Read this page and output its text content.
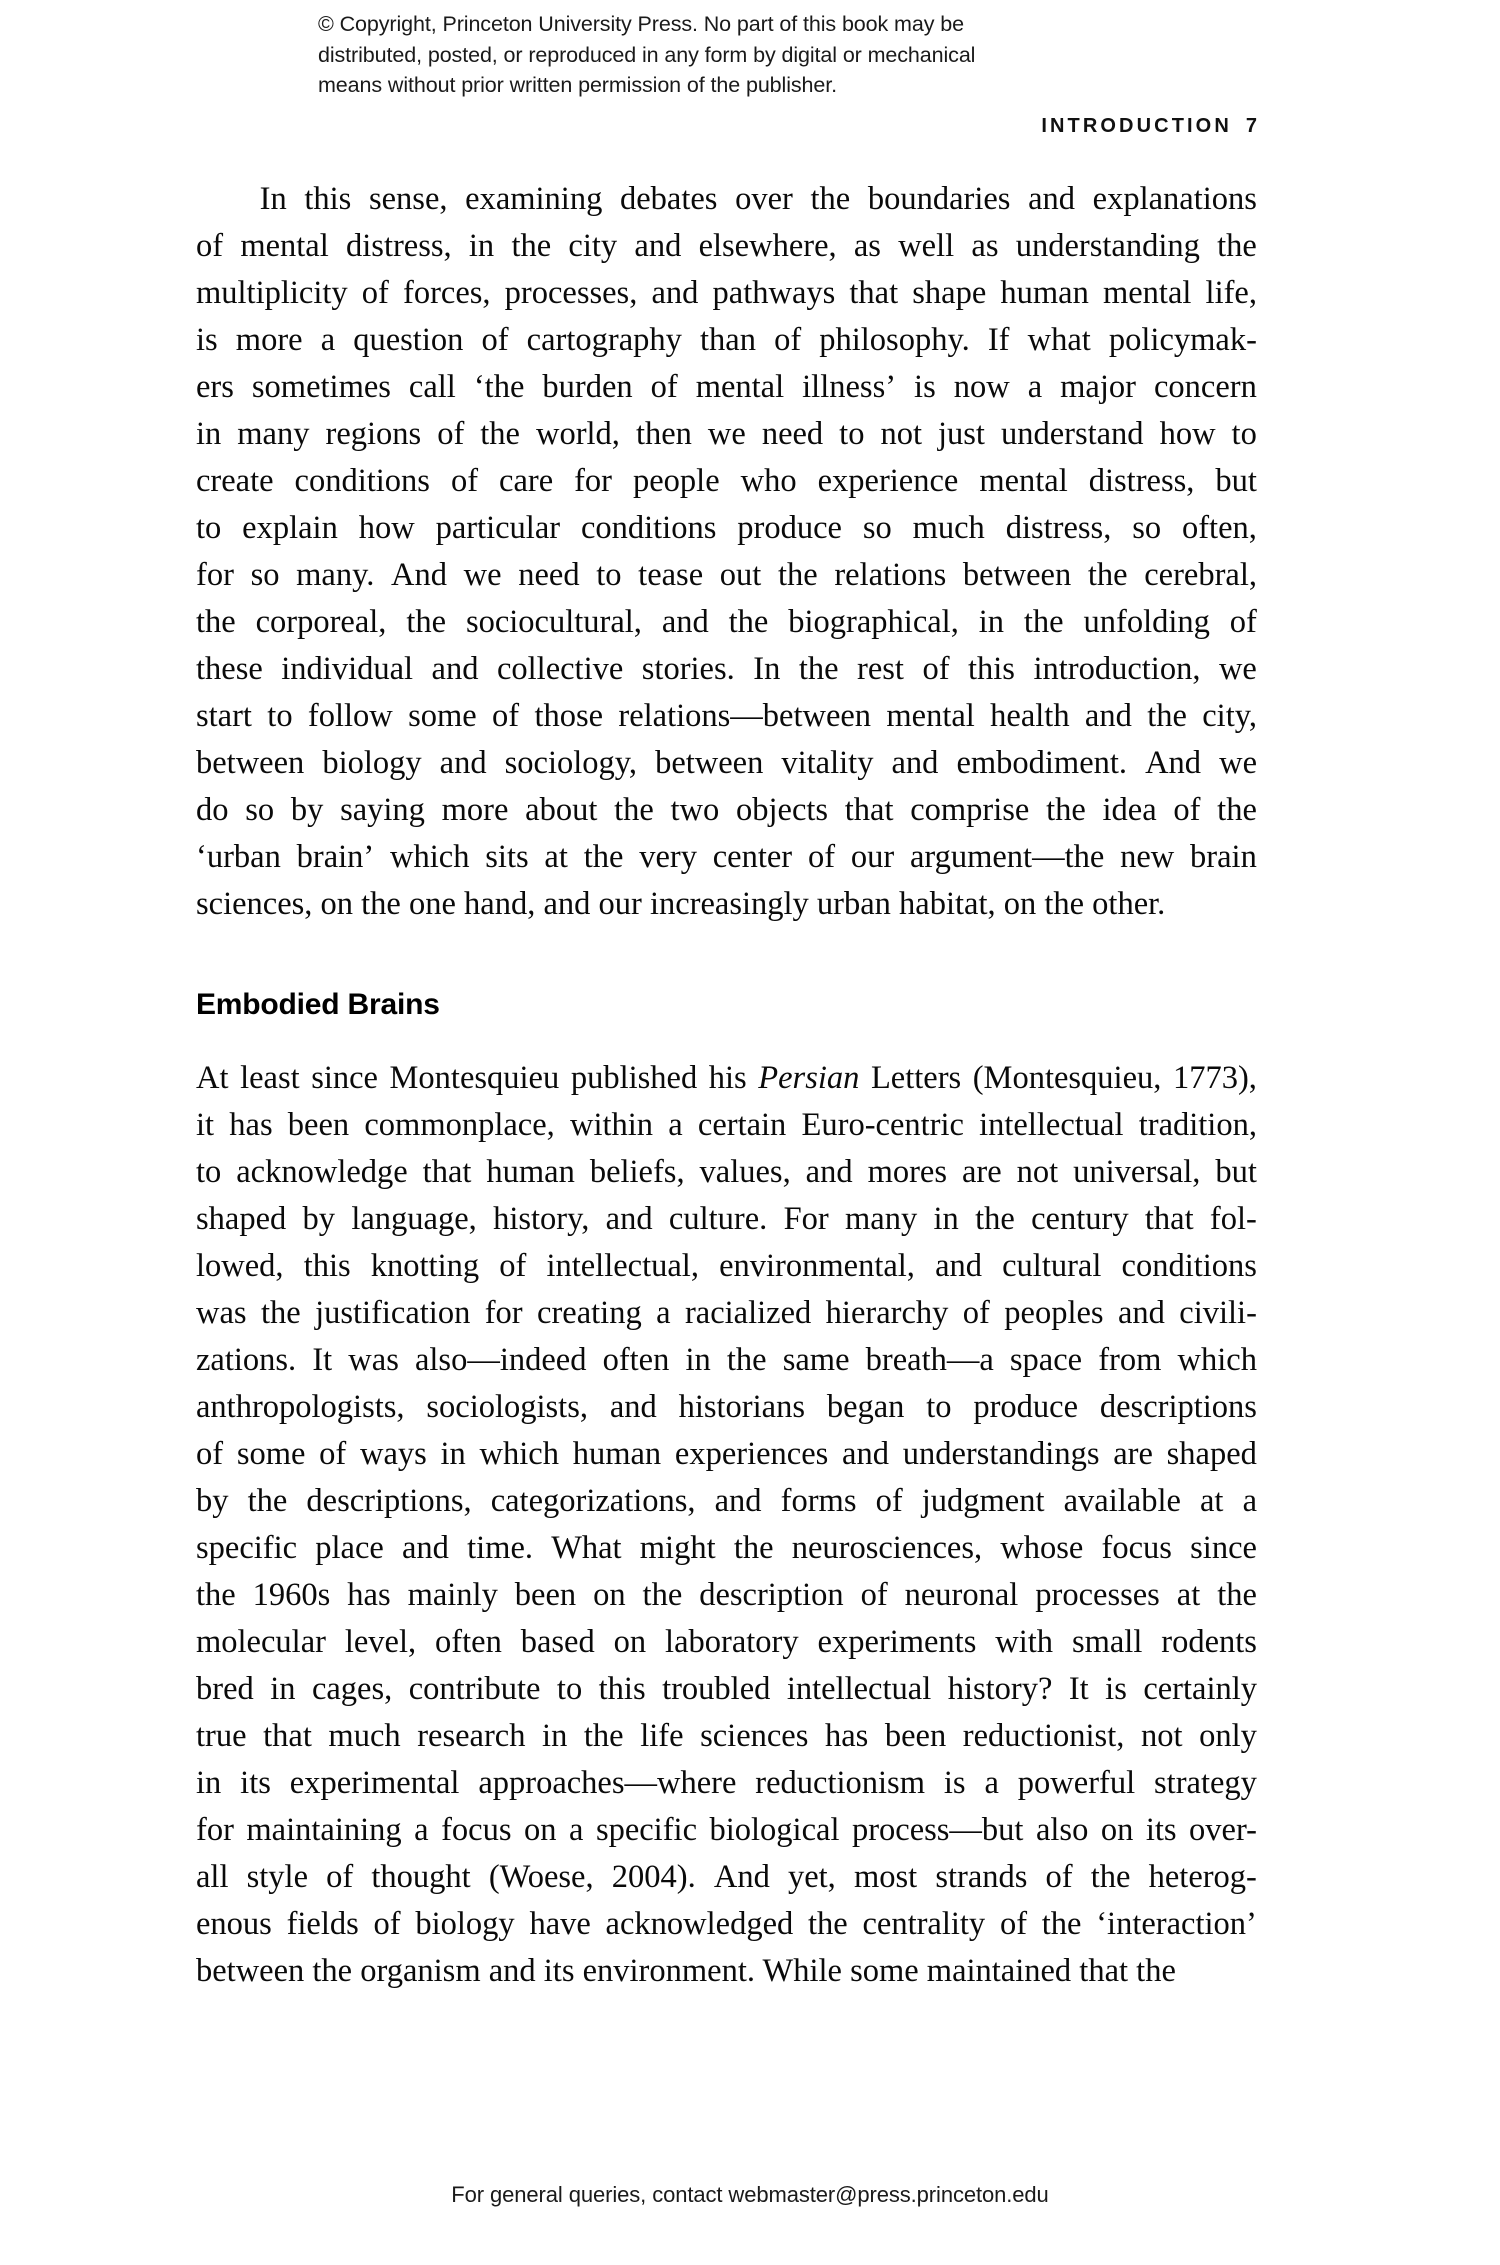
© Copyright, Princeton University Press. No part of this book may be
distributed, posted, or reproduced in any form by digital or mechanical
means without prior written permission of the publisher.
INTRODUCTION 7
In this sense, examining debates over the boundaries and explanations
of mental distress, in the city and elsewhere, as well as understanding the
multiplicity of forces, processes, and pathways that shape human mental life,
is more a question of cartography than of philosophy. If what policymak-
ers sometimes call ‘the burden of mental illness’ is now a major concern
in many regions of the world, then we need to not just understand how to
create conditions of care for people who experience mental distress, but
to explain how particular conditions produce so much distress, so often,
for so many. And we need to tease out the relations between the cerebral,
the corporeal, the sociocultural, and the biographical, in the unfolding of
these individual and collective stories. In the rest of this introduction, we
start to follow some of those relations—between mental health and the city,
between biology and sociology, between vitality and embodiment. And we
do so by saying more about the two objects that comprise the idea of the
‘urban brain’ which sits at the very center of our argument—the new brain
sciences, on the one hand, and our increasingly urban habitat, on the other.
Embodied Brains
At least since Montesquieu published his Persian Letters (Montesquieu, 1773),
it has been commonplace, within a certain Euro-centric intellectual tradition,
to acknowledge that human beliefs, values, and mores are not universal, but
shaped by language, history, and culture. For many in the century that fol-
lowed, this knotting of intellectual, environmental, and cultural conditions
was the justification for creating a racialized hierarchy of peoples and civili-
zations. It was also—indeed often in the same breath—a space from which
anthropologists, sociologists, and historians began to produce descriptions
of some of ways in which human experiences and understandings are shaped
by the descriptions, categorizations, and forms of judgment available at a
specific place and time. What might the neurosciences, whose focus since
the 1960s has mainly been on the description of neuronal processes at the
molecular level, often based on laboratory experiments with small rodents
bred in cages, contribute to this troubled intellectual history? It is certainly
true that much research in the life sciences has been reductionist, not only
in its experimental approaches—where reductionism is a powerful strategy
for maintaining a focus on a specific biological process—but also on its over-
all style of thought (Woese, 2004). And yet, most strands of the heterog-
enous fields of biology have acknowledged the centrality of the ‘interaction’
between the organism and its environment. While some maintained that the
For general queries, contact webmaster@press.princeton.edu
